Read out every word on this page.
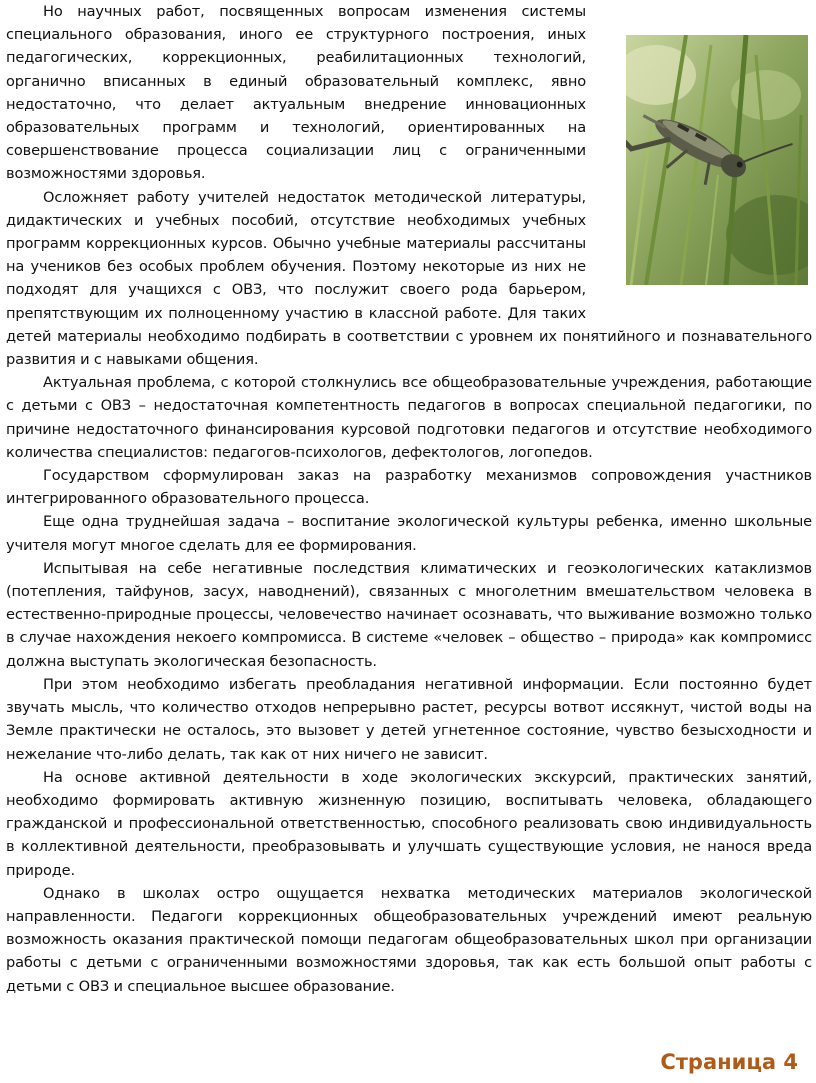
Но научных работ, посвященных вопросам изменения системы специального образования, иного ее структурного построения, иных педагогических, коррекционных, реабилитационных технологий, органично вписанных в единый образовательный комплекс, явно недостаточно, что делает актуальным внедрение инновационных образовательных программ и технологий, ориентированных на совершенствование процесса социализации лиц с ограниченными возможностями здоровья.

Осложняет работу учителей недостаток методической литературы, дидактических и учебных пособий, отсутствие необходимых учебных программ коррекционных курсов. Обычно учебные материалы рассчитаны на учеников без особых проблем обучения. Поэтому некоторые из них не подходят для учащихся с ОВЗ, что послужит своего рода барьером, препятствующим их полноценному участию в классной работе. Для таких детей материалы необходимо подбирать в соответствии с уровнем их понятийного и познавательного развития и с навыками общения.

Актуальная проблема, с которой столкнулись все общеобразовательные учреждения, работающие с детьми с ОВЗ – недостаточная компетентность педагогов в вопросах специальной педагогики, по причине недостаточного финансирования курсовой подготовки педагогов и отсутствие необходимого количества специалистов: педагогов-психологов, дефектологов, логопедов.

Государством сформулирован заказ на разработку механизмов сопровождения участников интегрированного образовательного процесса.

Еще одна труднейшая задача – воспитание экологической культуры ребенка, именно школьные учителя могут многое сделать для ее формирования.

Испытывая на себе негативные последствия климатических и геоэкологических катаклизмов (потепления, тайфунов, засух, наводнений), связанных с многолетним вмешательством человека в естественно-природные процессы, человечество начинает осознавать, что выживание возможно только в случае нахождения некоего компромисса. В системе «человек – общество – природа» как компромисс должна выступать экологическая безопасность.

При этом необходимо избегать преобладания негативной информации. Если постоянно будет звучать мысль, что количество отходов непрерывно растет, ресурсы вотвот иссякнут, чистой воды на Земле практически не осталось, это вызовет у детей угнетенное состояние, чувство безысходности и нежелание что-либо делать, так как от них ничего не зависит.

На основе активной деятельности в ходе экологических экскурсий, практических занятий, необходимо формировать активную жизненную позицию, воспитывать человека, обладающего гражданской и профессиональной ответственностью, способного реализовать свою индивидуальность в коллективной деятельности, преобразовывать и улучшать существующие условия, не нанося вреда природе.

Однако в школах остро ощущается нехватка методических материалов экологической направленности. Педагоги коррекционных общеобразовательных учреждений имеют реальную возможность оказания практической помощи педагогам общеобразовательных школ при организации работы с детьми с ограниченными возможностями здоровья, так как есть большой опыт работы с детьми с ОВЗ и специальное высшее образование.

Страница 4
